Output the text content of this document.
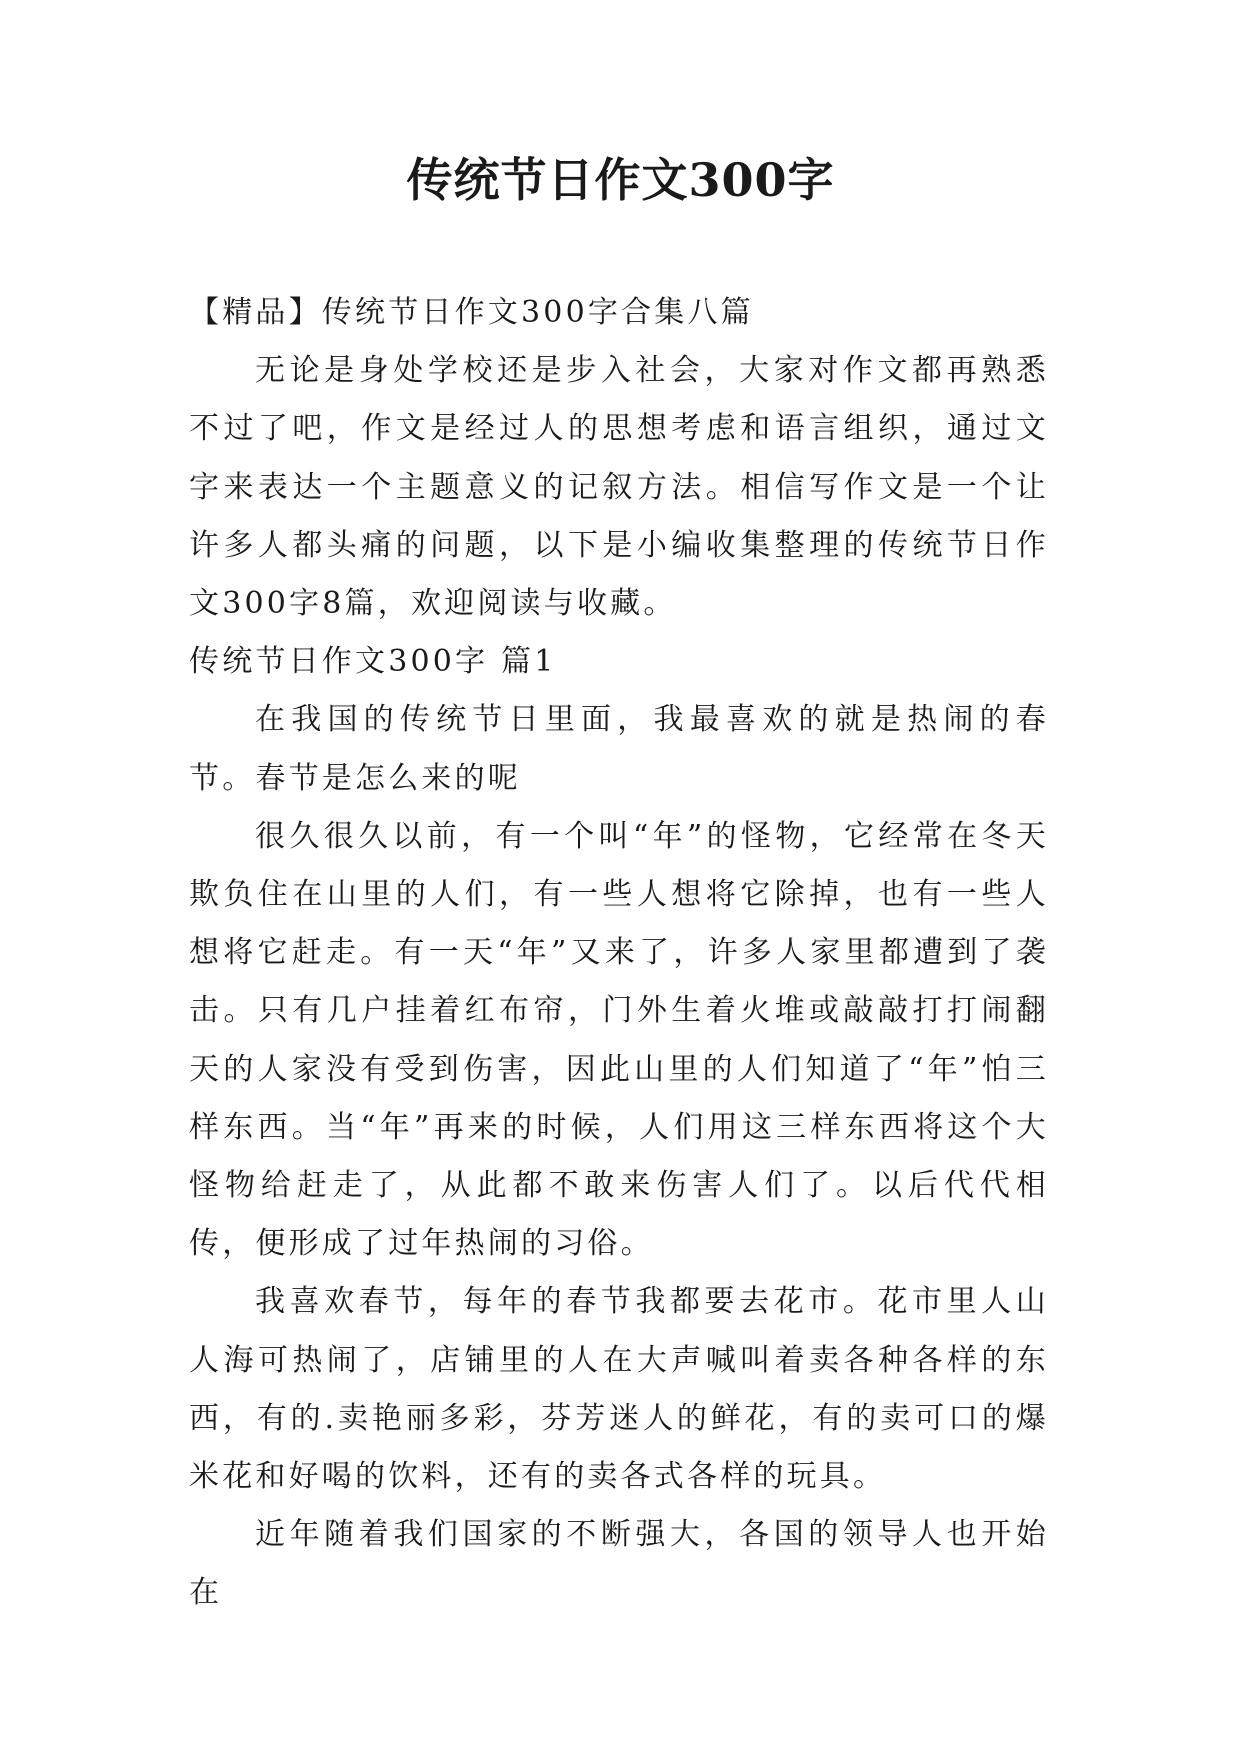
传统节日作文300字

【精品】传统节日作文300字合集八篇

无论是身处学校还是步入社会，大家对作文都再熟悉不过了吧，作文是经过人的思想考虑和语言组织，通过文字来表达一个主题意义的记叙方法。相信写作文是一个让许多人都头痛的问题，以下是小编收集整理的传统节日作文300字8篇，欢迎阅读与收藏。

传统节日作文300字 篇1

在我国的传统节日里面，我最喜欢的就是热闹的春节。春节是怎么来的呢

很久很久以前，有一个叫“年”的怪物，它经常在冬天欺负住在山里的人们，有一些人想将它除掉，也有一些人想将它赶走。有一天“年”又来了，许多人家里都遭到了袭击。只有几户挂着红布帘，门外生着火堆或敲敲打打闹翻天的人家没有受到伤害，因此山里的人们知道了“年”怕三样东西。当“年”再来的时候，人们用这三样东西将这个大怪物给赶走了，从此都不敢来伤害人们了。以后代代相传，便形成了过年热闹的习俗。

我喜欢春节，每年的春节我都要去花市。花市里人山人海可热闹了，店铺里的人在大声喊叫着卖各种各样的东西，有的.卖艳丽多彩，芬芳迷人的鲜花，有的卖可口的爆米花和好喝的饮料，还有的卖各式各样的玩具。

近年随着我们国家的不断强大，各国的领导人也开始在
